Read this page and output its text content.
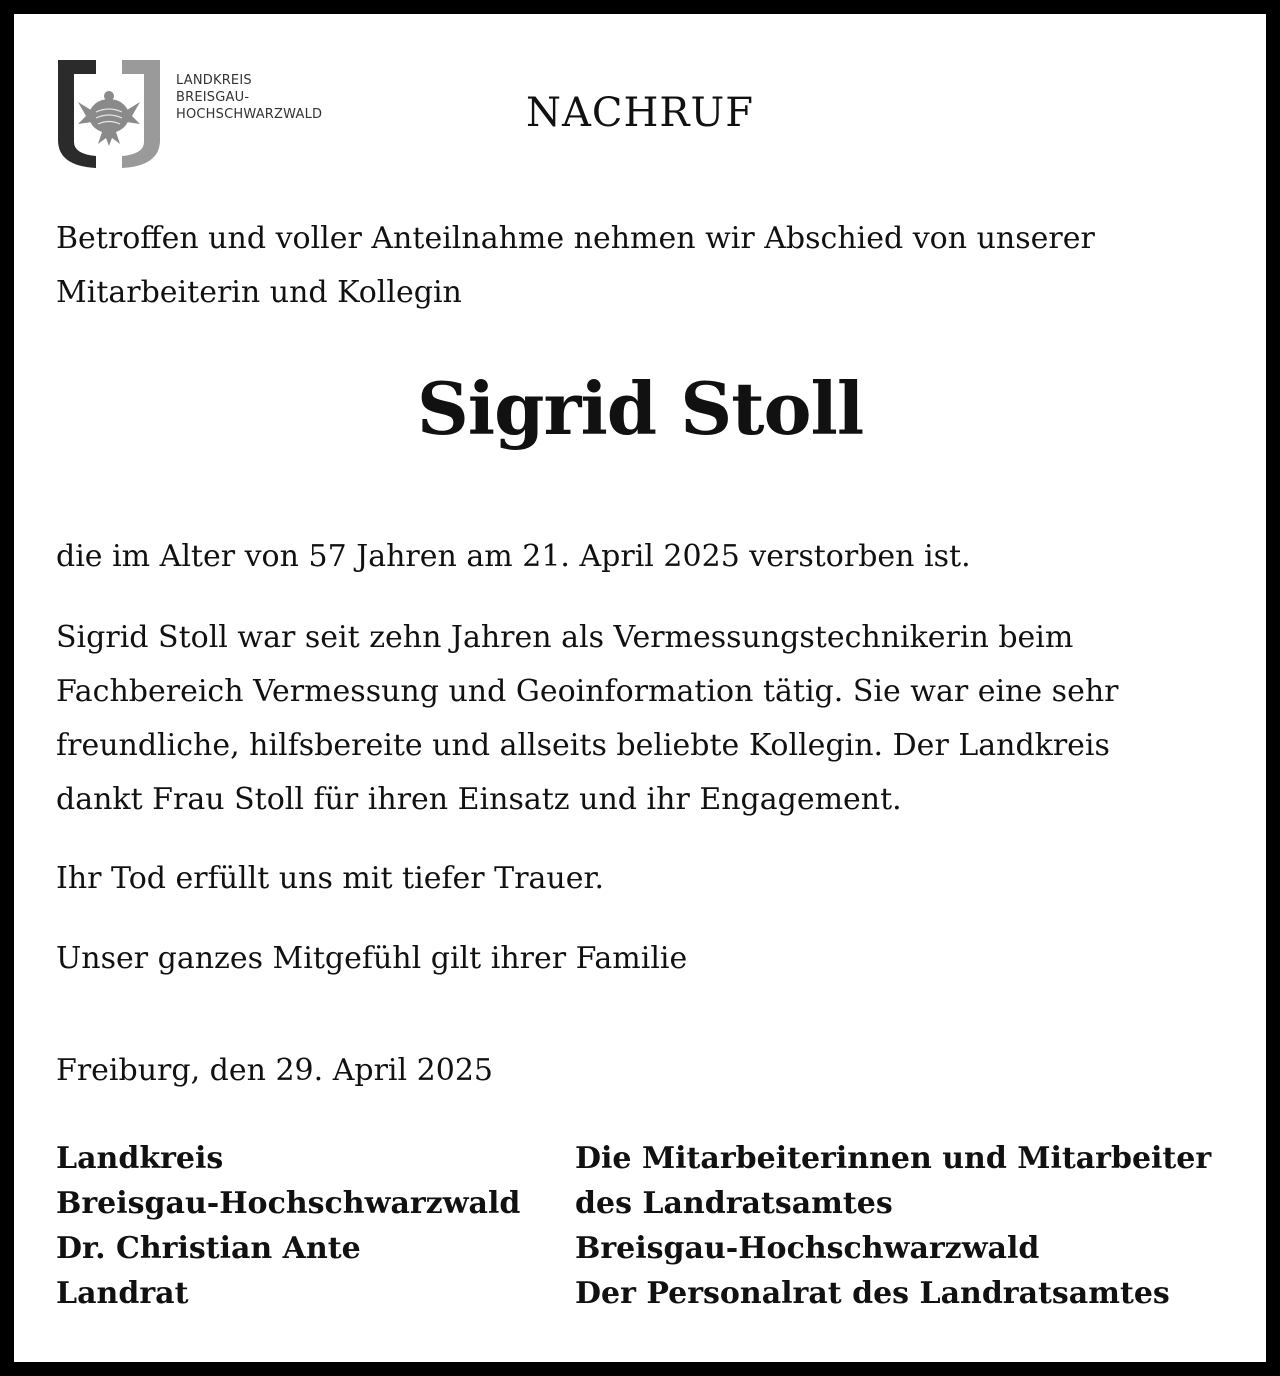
LANDKREIS
BREISGAU-
HOCHSCHWARZWALD	NACHRUF
Betroffen und voller Anteilnahme nehmen wir Abschied von unserer
Mitarbeiterin und Kollegin
Sigrid Stoll
die im Alter von 57 Jahren am 21. April 2025 verstorben ist.
Sigrid Stoll war seit zehn Jahren als Vermessungstechnikerin beim
Fachbereich Vermessung und Geoinformation tätig. Sie war eine sehr
freundliche, hilfsbereite und allseits beliebte Kollegin. Der Landkreis
dankt Frau Stoll für ihren Einsatz und ihr Engagement.
Ihr Tod erfüllt uns mit tiefer Trauer.
Unser ganzes Mitgefühl gilt ihrer Familie
Freiburg, den 29. April 2025
Landkreis
Breisgau-Hochschwarzwald
Dr. Christian Ante
Landrat
Die Mitarbeiterinnen und Mitarbeiter
des Landratsamtes
Breisgau-Hochschwarzwald
Der Personalrat des Landratsamtes
